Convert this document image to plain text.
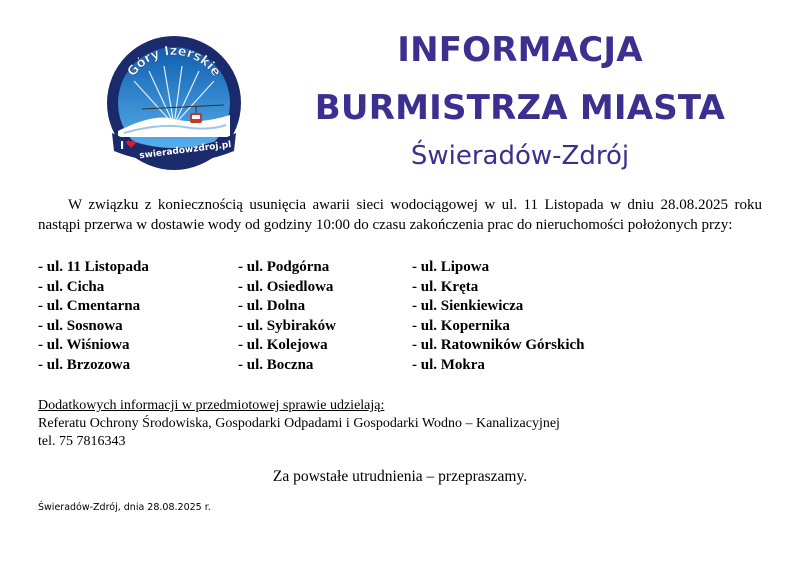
I swieradowzdroj.pl
Góry Izerskie
INFORMACJA
BURMISTRZA MIASTA
Świeradów-Zdrój
W związku z koniecznością usunięcia awarii sieci wodociągowej w ul. 11 Listopada w dniu 28.08.2025 roku nastąpi przerwa w dostawie wody od godziny 10:00 do czasu zakończenia prac do nieruchomości położonych przy:
- ul. 11 Listopada
- ul. Cicha
- ul. Cmentarna
- ul. Sosnowa
- ul. Wiśniowa
- ul. Brzozowa
- ul. Podgórna
- ul. Osiedlowa
- ul. Dolna
- ul. Sybiraków
- ul. Kolejowa
- ul. Boczna
- ul. Lipowa
- ul. Kręta
- ul. Sienkiewicza
- ul. Kopernika
- ul. Ratowników Górskich
- ul. Mokra
Dodatkowych informacji w przedmiotowej sprawie udzielają:
Referatu Ochrony Środowiska, Gospodarki Odpadami i Gospodarki Wodno – Kanalizacyjnej
tel. 75 7816343
Za powstałe utrudnienia – przepraszamy.
Świeradów-Zdrój, dnia 28.08.2025 r.
